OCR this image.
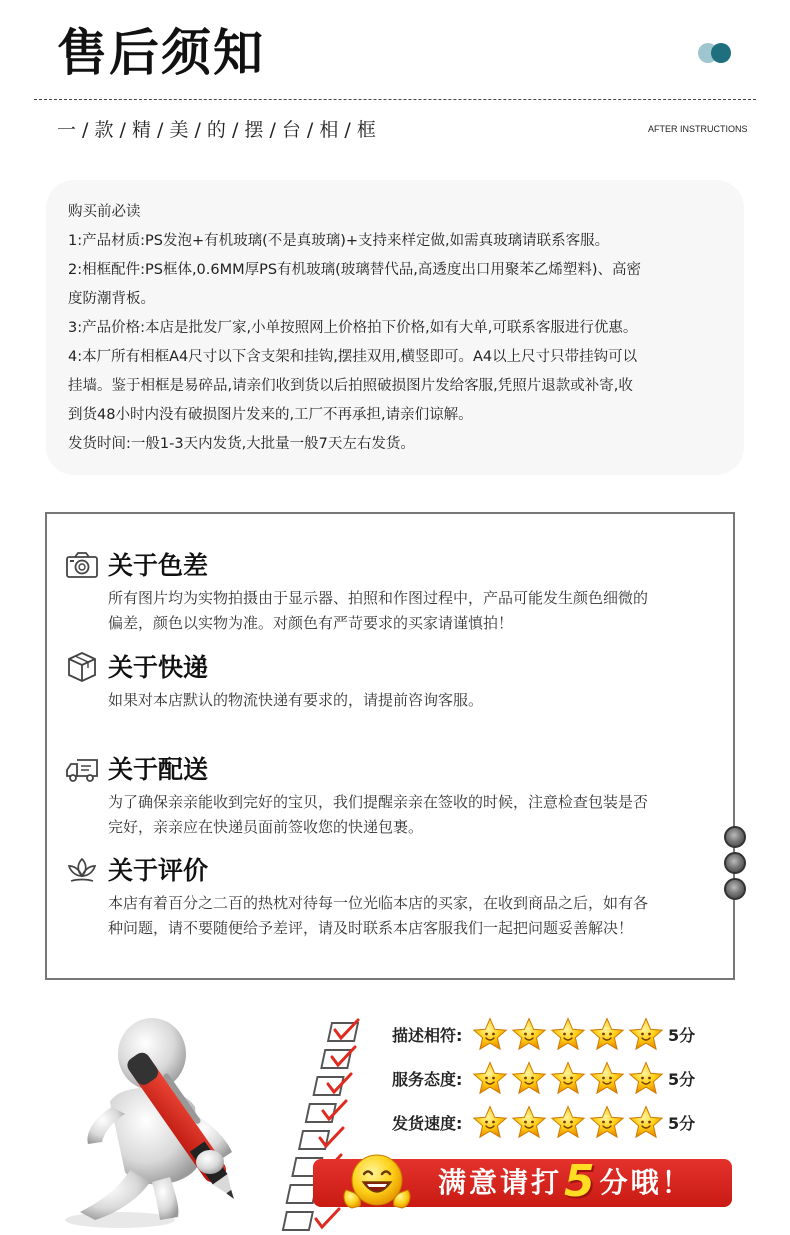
售后须知
一 / 款 / 精 / 美 / 的 / 摆 / 台 / 相 / 框	AFTER INSTRUCTIONS
购买前必读
1:产品材质:PS发泡+有机玻璃(不是真玻璃)+支持来样定做,如需真玻璃请联系客服。
2:相框配件:PS框体,0.6MM厚PS有机玻璃(玻璃替代品,高透度出口用聚苯乙烯塑料)、高密
度防潮背板。
3:产品价格:本店是批发厂家,小单按照网上价格拍下价格,如有大单,可联系客服进行优惠。
4:本厂所有相框A4尺寸以下含支架和挂钩,摆挂双用,横竖即可。A4以上尺寸只带挂钩可以
挂墙。鉴于相框是易碎品,请亲们收到货以后拍照破损图片发给客服,凭照片退款或补寄,收
到货48小时内没有破损图片发来的,工厂不再承担,请亲们谅解。
发货时间:一般1-3天内发货,大批量一般7天左右发货。
关于色差
所有图片均为实物拍摄由于显示器、拍照和作图过程中，产品可能发生颜色细微的
偏差，颜色以实物为准。对颜色有严苛要求的买家请谨慎拍！
关于快递
如果对本店默认的物流快递有要求的，请提前咨询客服。
关于配送
为了确保亲亲能收到完好的宝贝，我们提醒亲亲在签收的时候，注意检查包装是否
完好，亲亲应在快递员面前签收您的快递包裹。
关于评价
本店有着百分之二百的热枕对待每一位光临本店的买家，在收到商品之后，如有各
种问题，请不要随便给予差评，请及时联系本店客服我们一起把问题妥善解决！
描述相符:	5分
服务态度:	5分
发货速度:	5分
满意请打5分哦！
